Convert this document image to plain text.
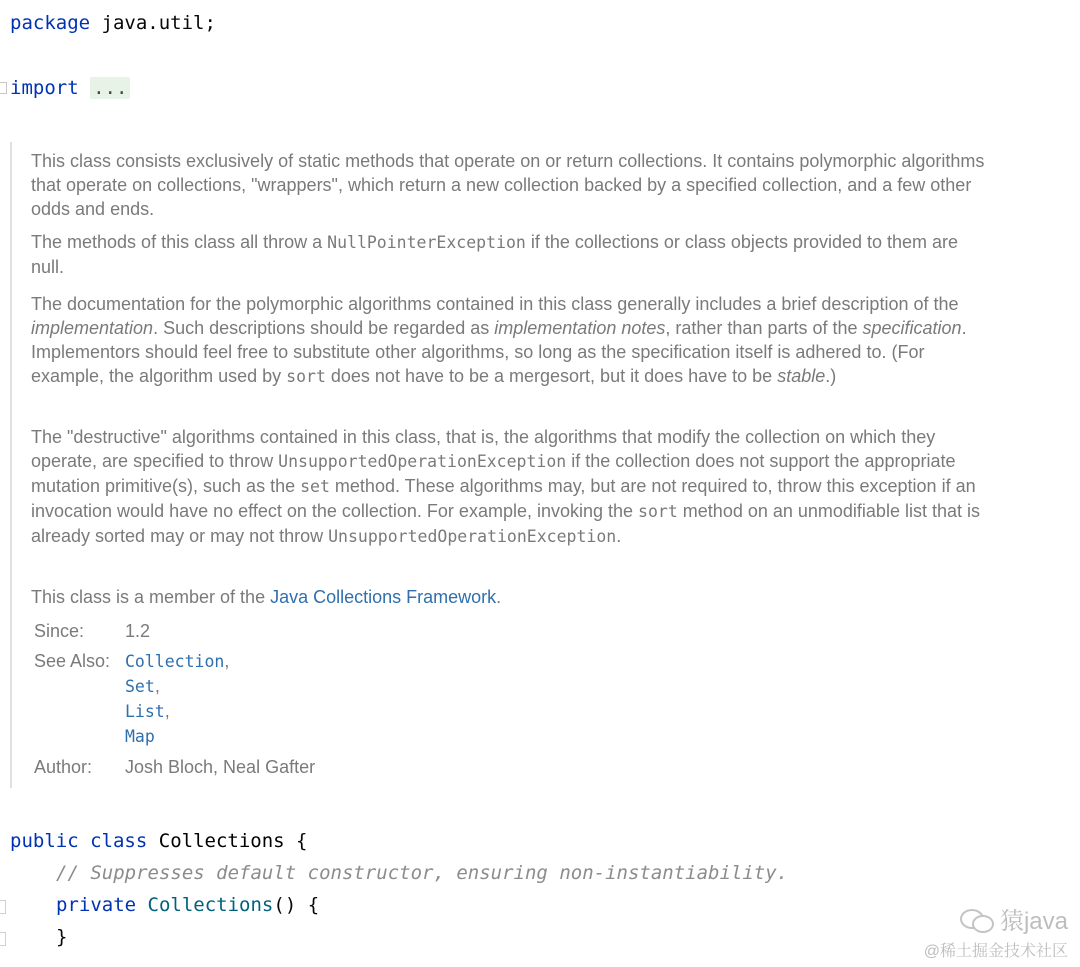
package java.util;
import ...
This class consists exclusively of static methods that operate on or return collections. It contains polymorphic algorithms that operate on collections, "wrappers", which return a new collection backed by a specified collection, and a few other odds and ends.
The methods of this class all throw a NullPointerException if the collections or class objects provided to them are null.
The documentation for the polymorphic algorithms contained in this class generally includes a brief description of the implementation. Such descriptions should be regarded as implementation notes, rather than parts of the specification. Implementors should feel free to substitute other algorithms, so long as the specification itself is adhered to. (For example, the algorithm used by sort does not have to be a mergesort, but it does have to be stable.)
The "destructive" algorithms contained in this class, that is, the algorithms that modify the collection on which they operate, are specified to throw UnsupportedOperationException if the collection does not support the appropriate mutation primitive(s), such as the set method. These algorithms may, but are not required to, throw this exception if an invocation would have no effect on the collection. For example, invoking the sort method on an unmodifiable list that is already sorted may or may not throw UnsupportedOperationException.
This class is a member of the Java Collections Framework.
Since: 1.2
See Also: Collection,
Set,
List,
Map
Author: Josh Bloch, Neal Gafter
public class Collections {
// Suppresses default constructor, ensuring non-instantiability.
private Collections() {
}
猿java
@稀土掘金技术社区
